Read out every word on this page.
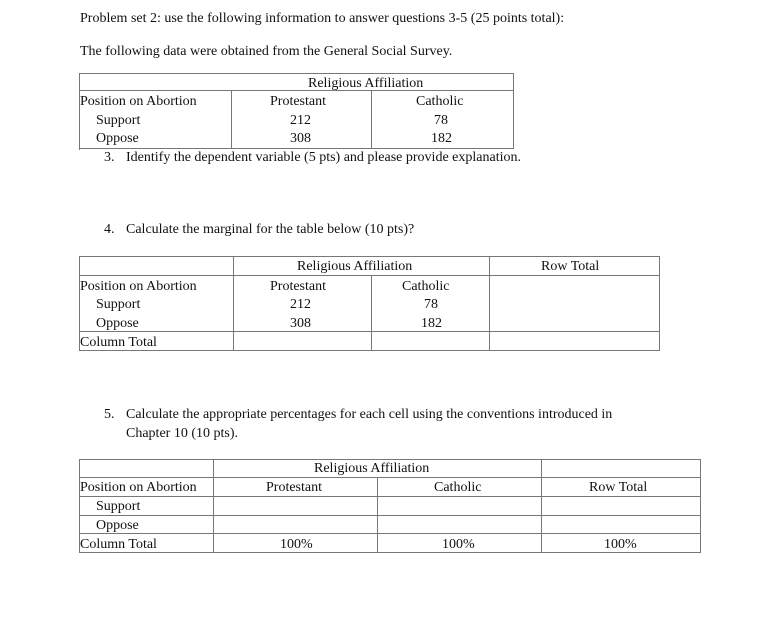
Problem set 2: use the following information to answer questions 3-5 (25 points total):
The following data were obtained from the General Social Survey.
Religious Affiliation
Position on Abortion	Protestant	Catholic
Support	212	78
Oppose	308	182
3. Identify the dependent variable (5 pts) and please provide explanation.
4. Calculate the marginal for the table below (10 pts)?
Religious Affiliation	Row Total
Position on Abortion	Protestant	Catholic
Support	212	78
Oppose	308	182
Column Total
5. Calculate the appropriate percentages for each cell using the conventions introduced in
Chapter 10 (10 pts).
Religious Affiliation
Position on Abortion	Protestant	Catholic	Row Total
Support
Oppose
Column Total	100%	100%	100%
